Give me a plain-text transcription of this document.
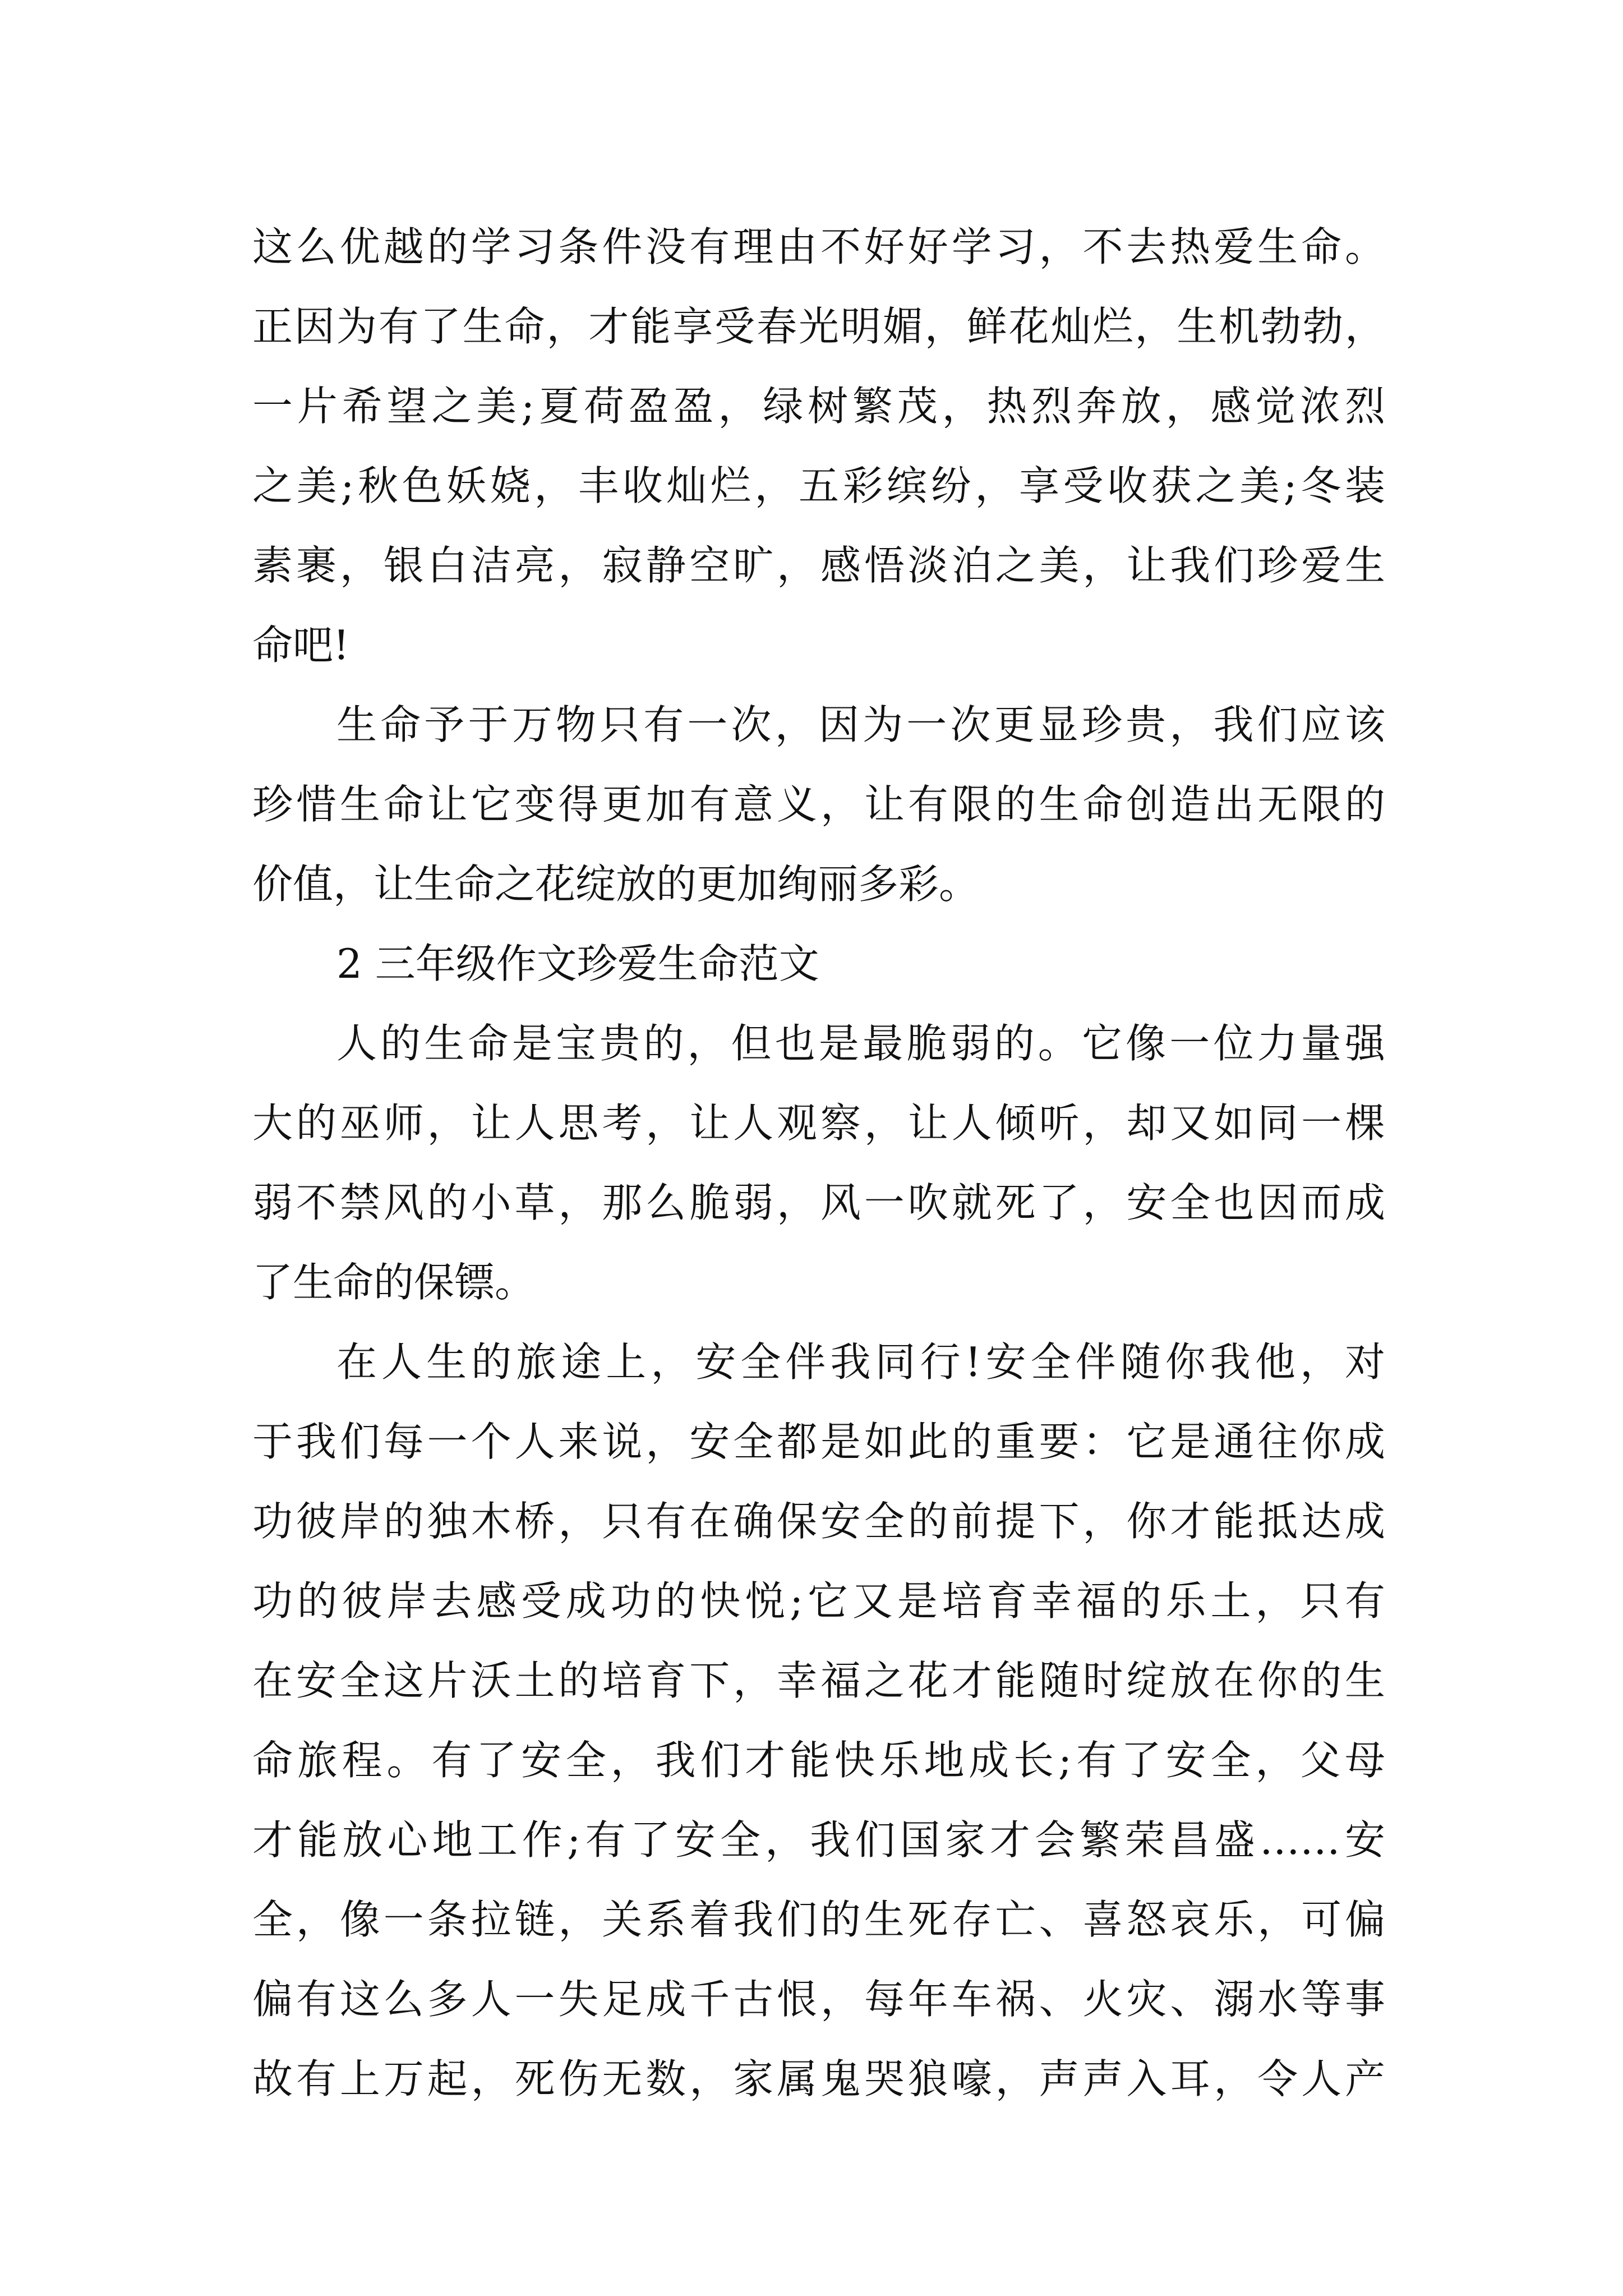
这么优越的学习条件没有理由不好好学习，不去热爱生命。
正因为有了生命，才能享受春光明媚，鲜花灿烂，生机勃勃，
一片希望之美;夏荷盈盈，绿树繁茂，热烈奔放，感觉浓烈
之美;秋色妖娆，丰收灿烂，五彩缤纷，享受收获之美;冬装
素裹，银白洁亮，寂静空旷，感悟淡泊之美，让我们珍爱生
命吧!
生命予于万物只有一次，因为一次更显珍贵，我们应该
珍惜生命让它变得更加有意义，让有限的生命创造出无限的
价值，让生命之花绽放的更加绚丽多彩。
2 三年级作文珍爱生命范文
人的生命是宝贵的，但也是最脆弱的。它像一位力量强
大的巫师，让人思考，让人观察，让人倾听，却又如同一棵
弱不禁风的小草，那么脆弱，风一吹就死了，安全也因而成
了生命的保镖。
在人生的旅途上，安全伴我同行!安全伴随你我他，对
于我们每一个人来说，安全都是如此的重要：它是通往你成
功彼岸的独木桥，只有在确保安全的前提下，你才能抵达成
功的彼岸去感受成功的快悦;它又是培育幸福的乐土，只有
在安全这片沃土的培育下，幸福之花才能随时绽放在你的生
命旅程。有了安全，我们才能快乐地成长;有了安全，父母
才能放心地工作;有了安全，我们国家才会繁荣昌盛……安
全，像一条拉链，关系着我们的生死存亡、喜怒哀乐，可偏
偏有这么多人一失足成千古恨，每年车祸、火灾、溺水等事
故有上万起，死伤无数，家属鬼哭狼嚎，声声入耳，令人产
